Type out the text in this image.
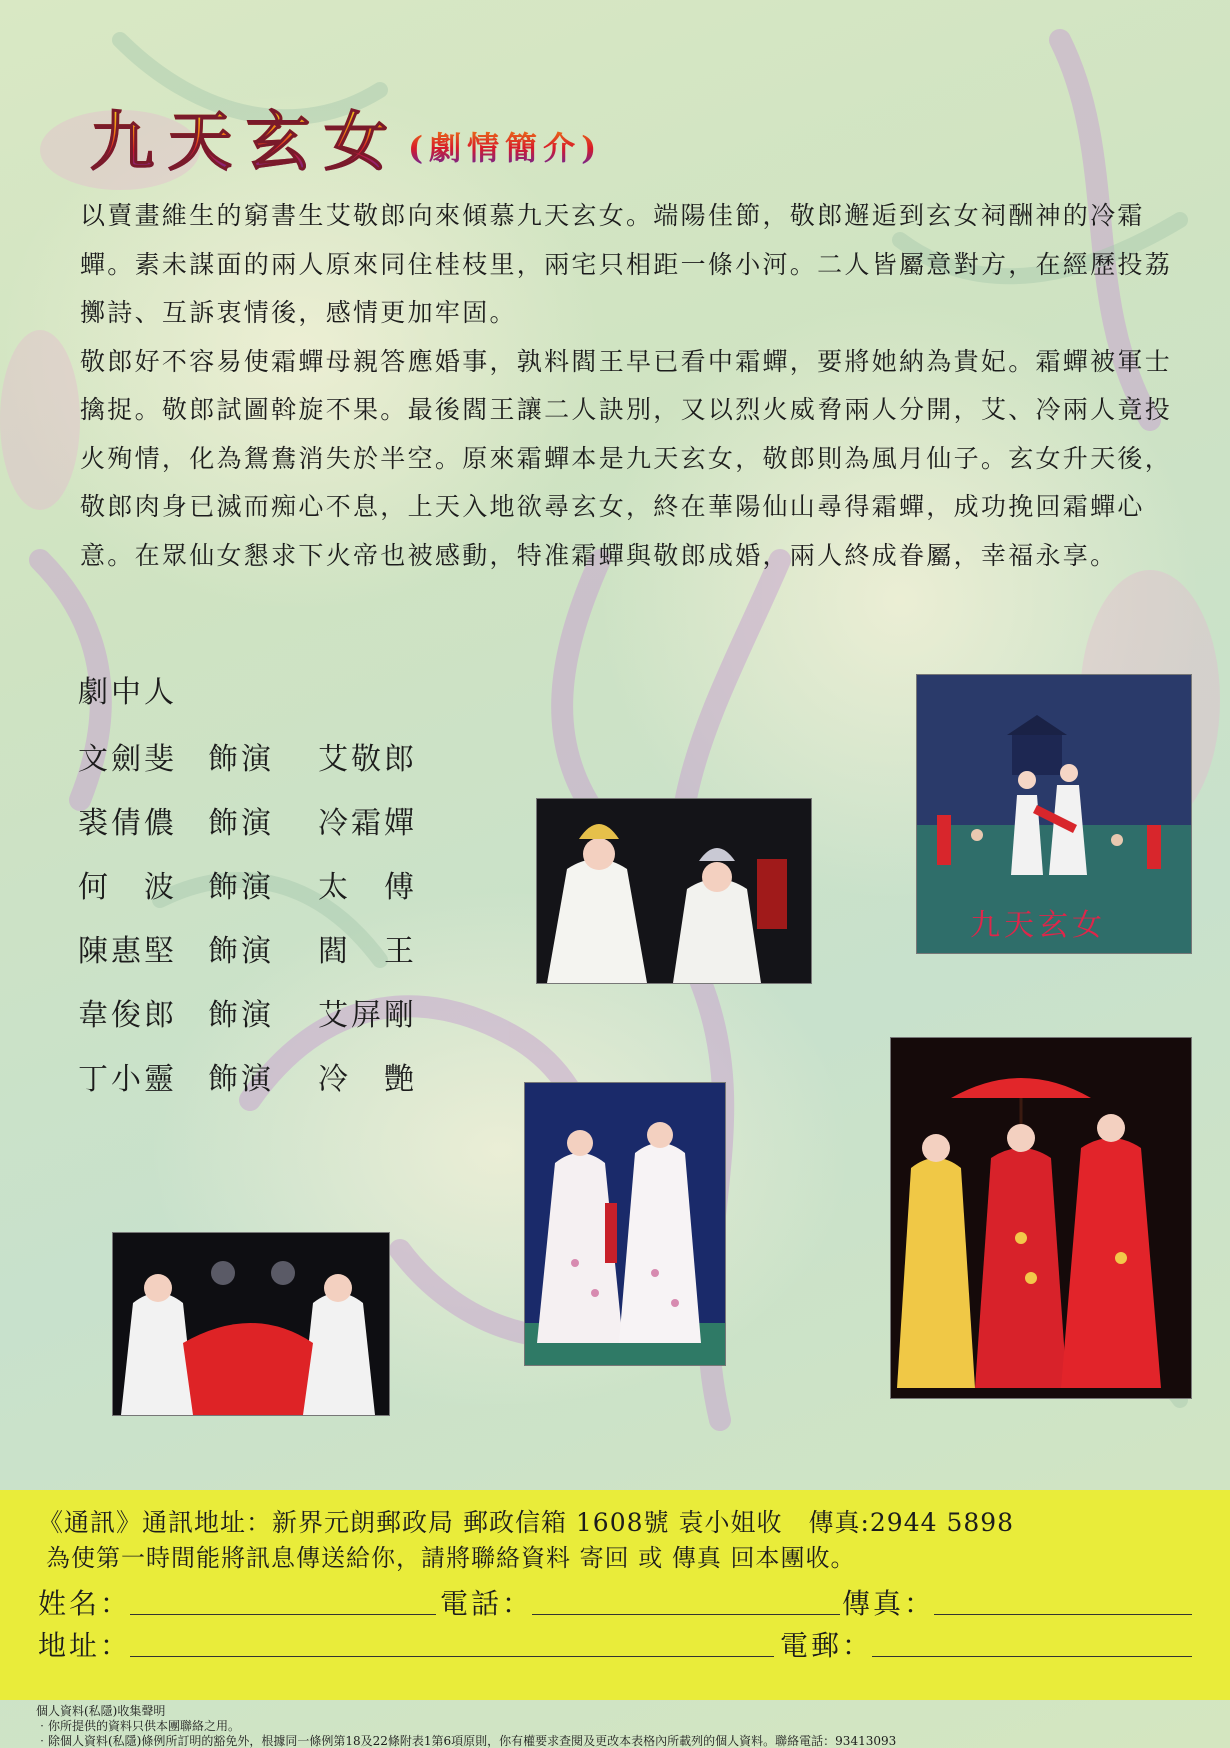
九天玄女 (劇情簡介)

以賣畫維生的窮書生艾敬郎向來傾慕九天玄女。端陽佳節，敬郎邂逅到玄女祠酬神的冷霜蟬。素未謀面的兩人原來同住桂枝里，兩宅只相距一條小河。二人皆屬意對方，在經歷投荔擲詩、互訴衷情後，感情更加牢固。

敬郎好不容易使霜蟬母親答應婚事，孰料閻王早已看中霜蟬，要將她納為貴妃。霜蟬被軍士擒捉。敬郎試圖斡旋不果。最後閻王讓二人訣別，又以烈火威脅兩人分開，艾、冷兩人竟投火殉情，化為鴛鴦消失於半空。原來霜蟬本是九天玄女，敬郎則為風月仙子。玄女升天後，敬郎肉身已滅而痴心不息，上天入地欲尋玄女，終在華陽仙山尋得霜蟬，成功挽回霜蟬心意。在眾仙女懇求下火帝也被感動，特准霜蟬與敬郎成婚，兩人終成眷屬，幸福永享。

劇中人
文劍斐	飾演	艾敬郎
裘倩儂	飾演	冷霜嬋
何　波	飾演	太　傅
陳惠堅	飾演	閻　王
韋俊郎	飾演	艾屏剛
丁小靈	飾演	冷　艷
九天玄女
《通訊》通訊地址：新界元朗郵政局 郵政信箱 1608號 袁小姐收　傳真:2944 5898
為使第一時間能將訊息傳送給你，請將聯絡資料 寄回 或 傳真 回本團收。
姓名：	電話：	傳真：
地址：	電郵：
個人資料(私隱)收集聲明
‧你所提供的資料只供本團聯絡之用。
‧除個人資料(私隱)條例所訂明的豁免外，根據同一條例第18及22條附表1第6項原則，你有權要求查閱及更改本表格內所載列的個人資料。聯絡電話：93413093
